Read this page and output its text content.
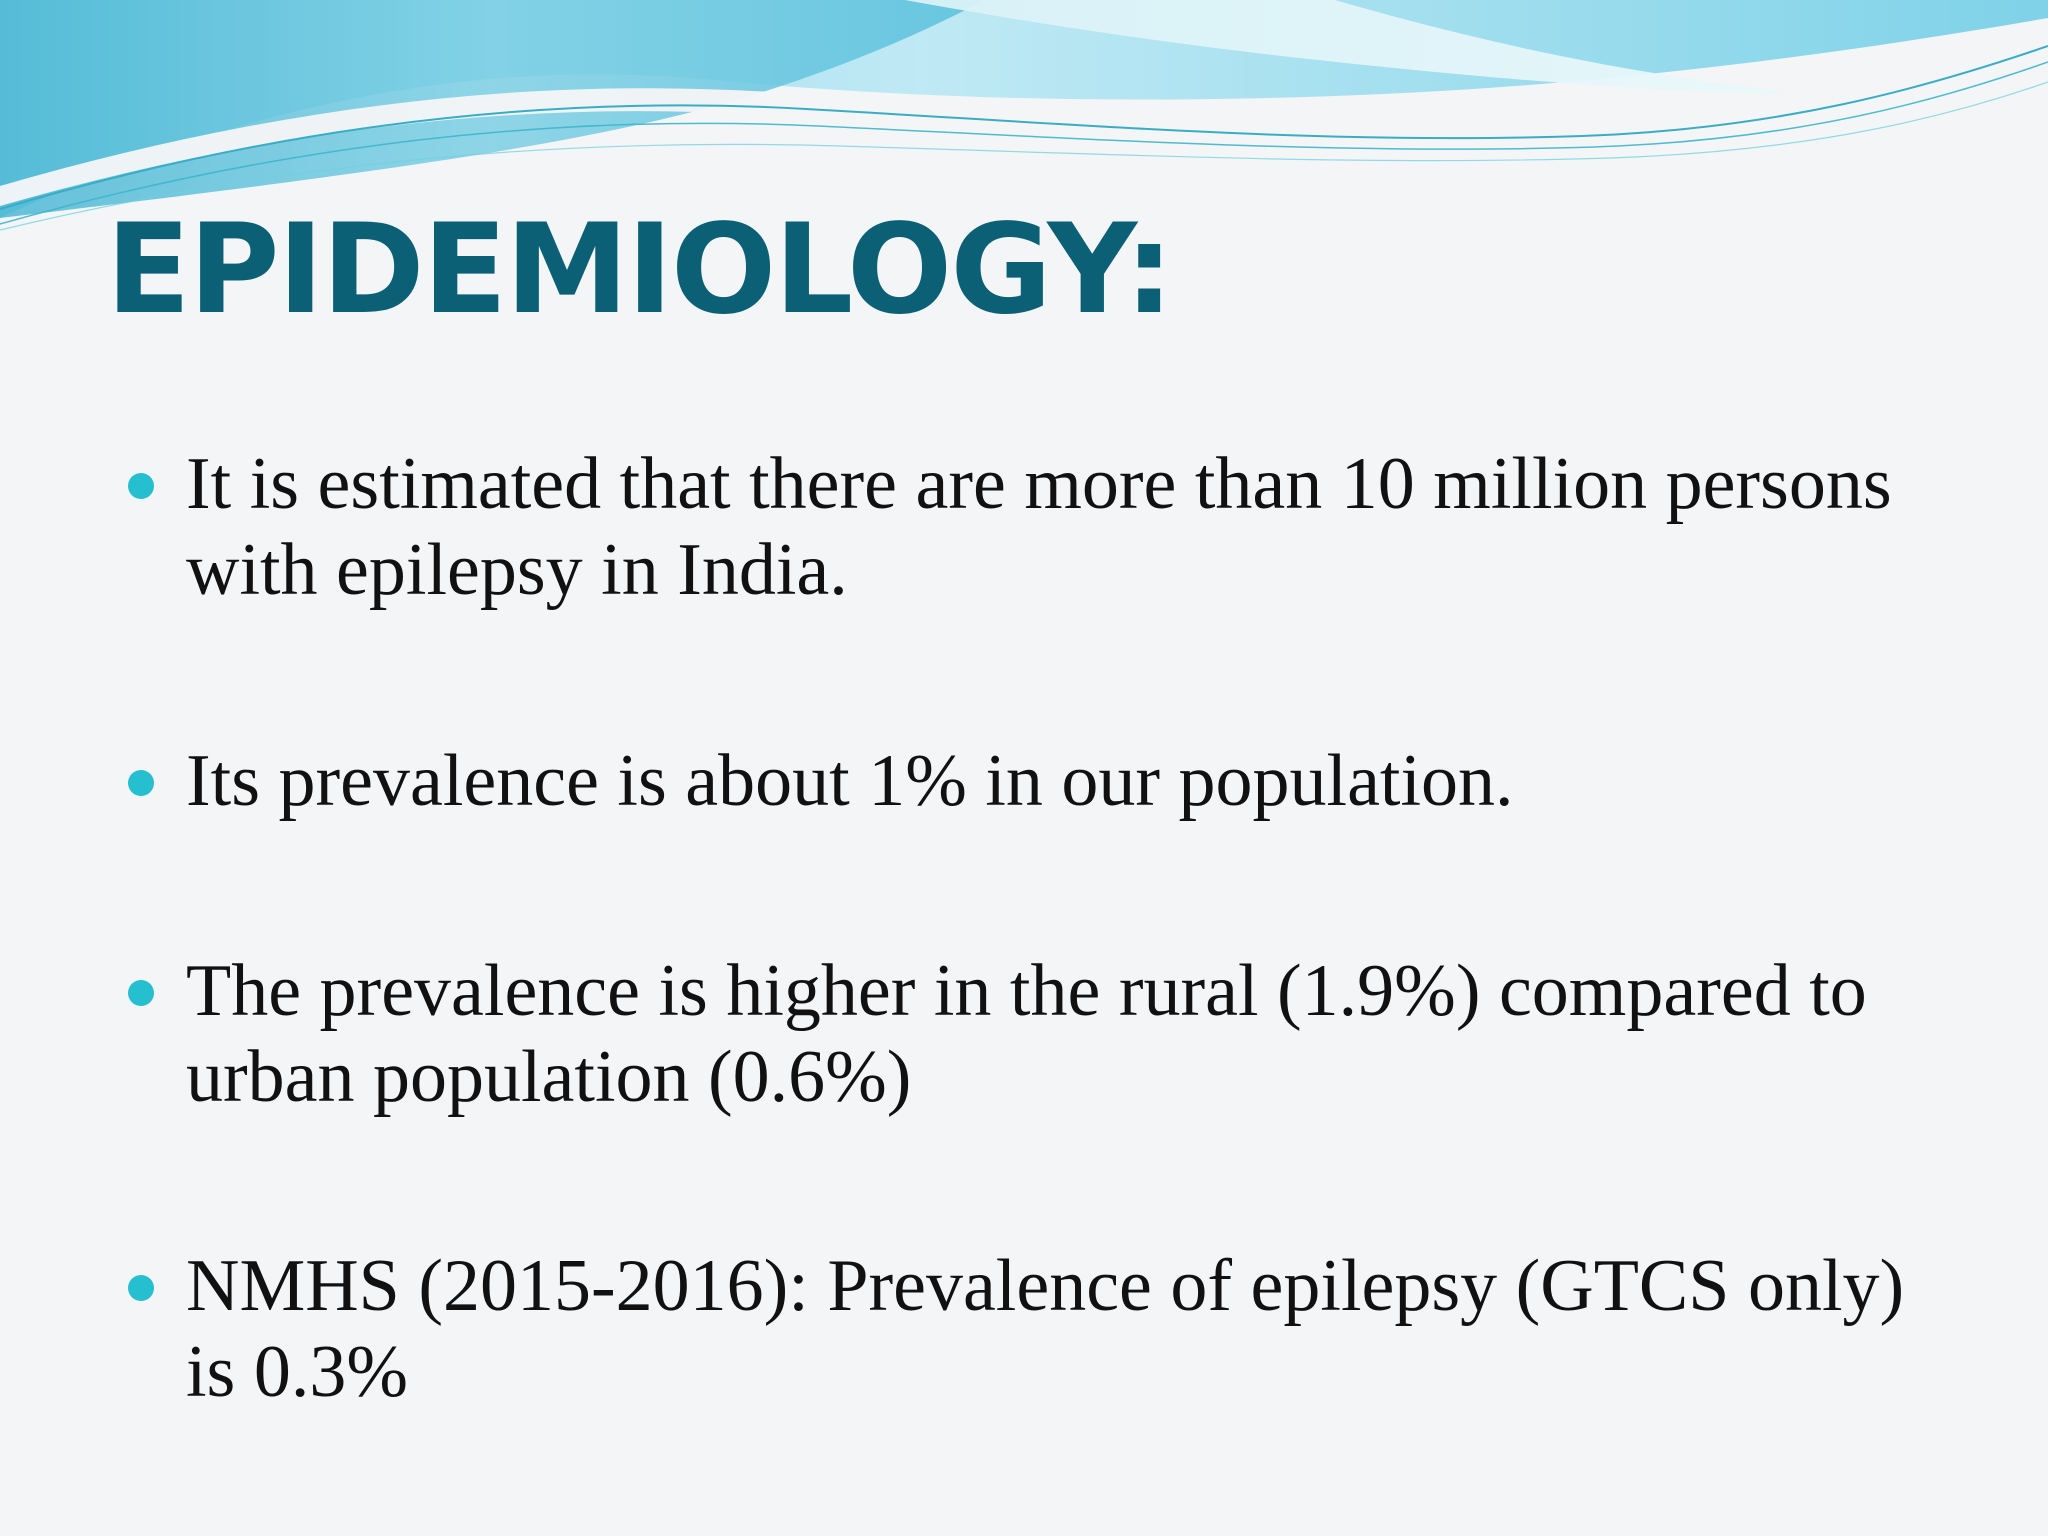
EPIDEMIOLOGY:
It is estimated that there are more than 10 million persons with epilepsy in India.
Its prevalence is about 1% in our population.
The prevalence is higher in the rural (1.9%) compared to urban population (0.6%)
NMHS (2015-2016): Prevalence of epilepsy (GTCS only) is 0.3%
